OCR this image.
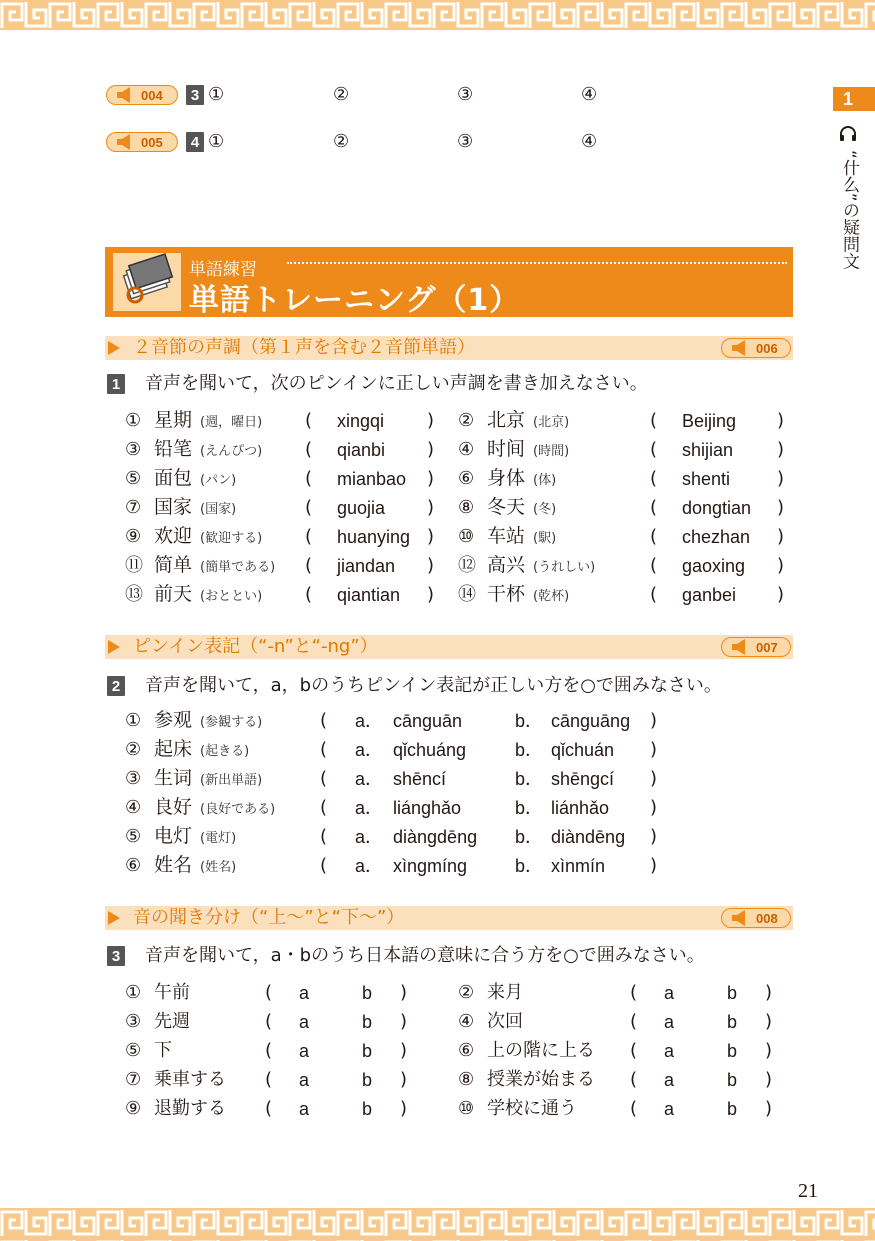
1
“什么”の疑問文
004	3 ①	②	③	④
005	4 ①	②	③	④
単語練習
単語トレーニング（1）
２音節の声調（第１声を含む２音節単語）	006
1 音声を聞いて，次のピンインに正しい声調を書き加えなさい。
① 星期 (週，曜日) ( xingqi ) ② 北京 (北京)	( Beijing )
③ 铅笔 (えんぴつ) ( qianbi ) ④ 时间 (時間)	( shijian )
⑤ 面包 (パン)	( mianbao ) ⑥ 身体 (体)	( shenti	)
⑦ 国家 (国家)	( guojia ) ⑧ 冬天 (冬)	( dongtian )
⑨ 欢迎 (歓迎する) ( huanying ) ⑩ 车站 (駅)	( chezhan )
⑪ 简单 (簡単である) ( jiandan ) ⑫ 高兴 (うれしい)	( gaoxing )
⑬ 前天 (おととい) ( qiantian ) ⑭ 干杯 (乾杯)	( ganbei )
ピンイン表記（“-n”と“-ng”）	007
2 音声を聞いて，a，bのうちピンイン表記が正しい方を○で囲みなさい。
① 参观 (参観する)	( a． cānguān	b． cānguāng )
② 起床 (起きる)	( a． qǐchuáng	b． qǐchuán )
③ 生词 (新出単語)	( a． shēncí	b． shēngcí )
④ 良好 (良好である) ( a． liánghǎo	b． liánhǎo )
⑤ 电灯 (電灯)	( a． diàngdēng b． diàndēng )
⑥ 姓名 (姓名)	( a． xìngmíng	b． xìnmín )
音の聞き分け（“上～”と“下～”）	008
3 音声を聞いて，a・bのうち日本語の意味に合う方を○で囲みなさい。
① 午前	( a	b )	② 来月	( a	b )
③ 先週	( a	b )	④ 次回	( a	b )
⑤ 下	( a	b )	⑥ 上の階に上る ( a	b )
⑦ 乗車する ( a	b )	⑧ 授業が始まる ( a	b )
⑨ 退勤する ( a	b )	⑩ 学校に通う	( a	b )
21
